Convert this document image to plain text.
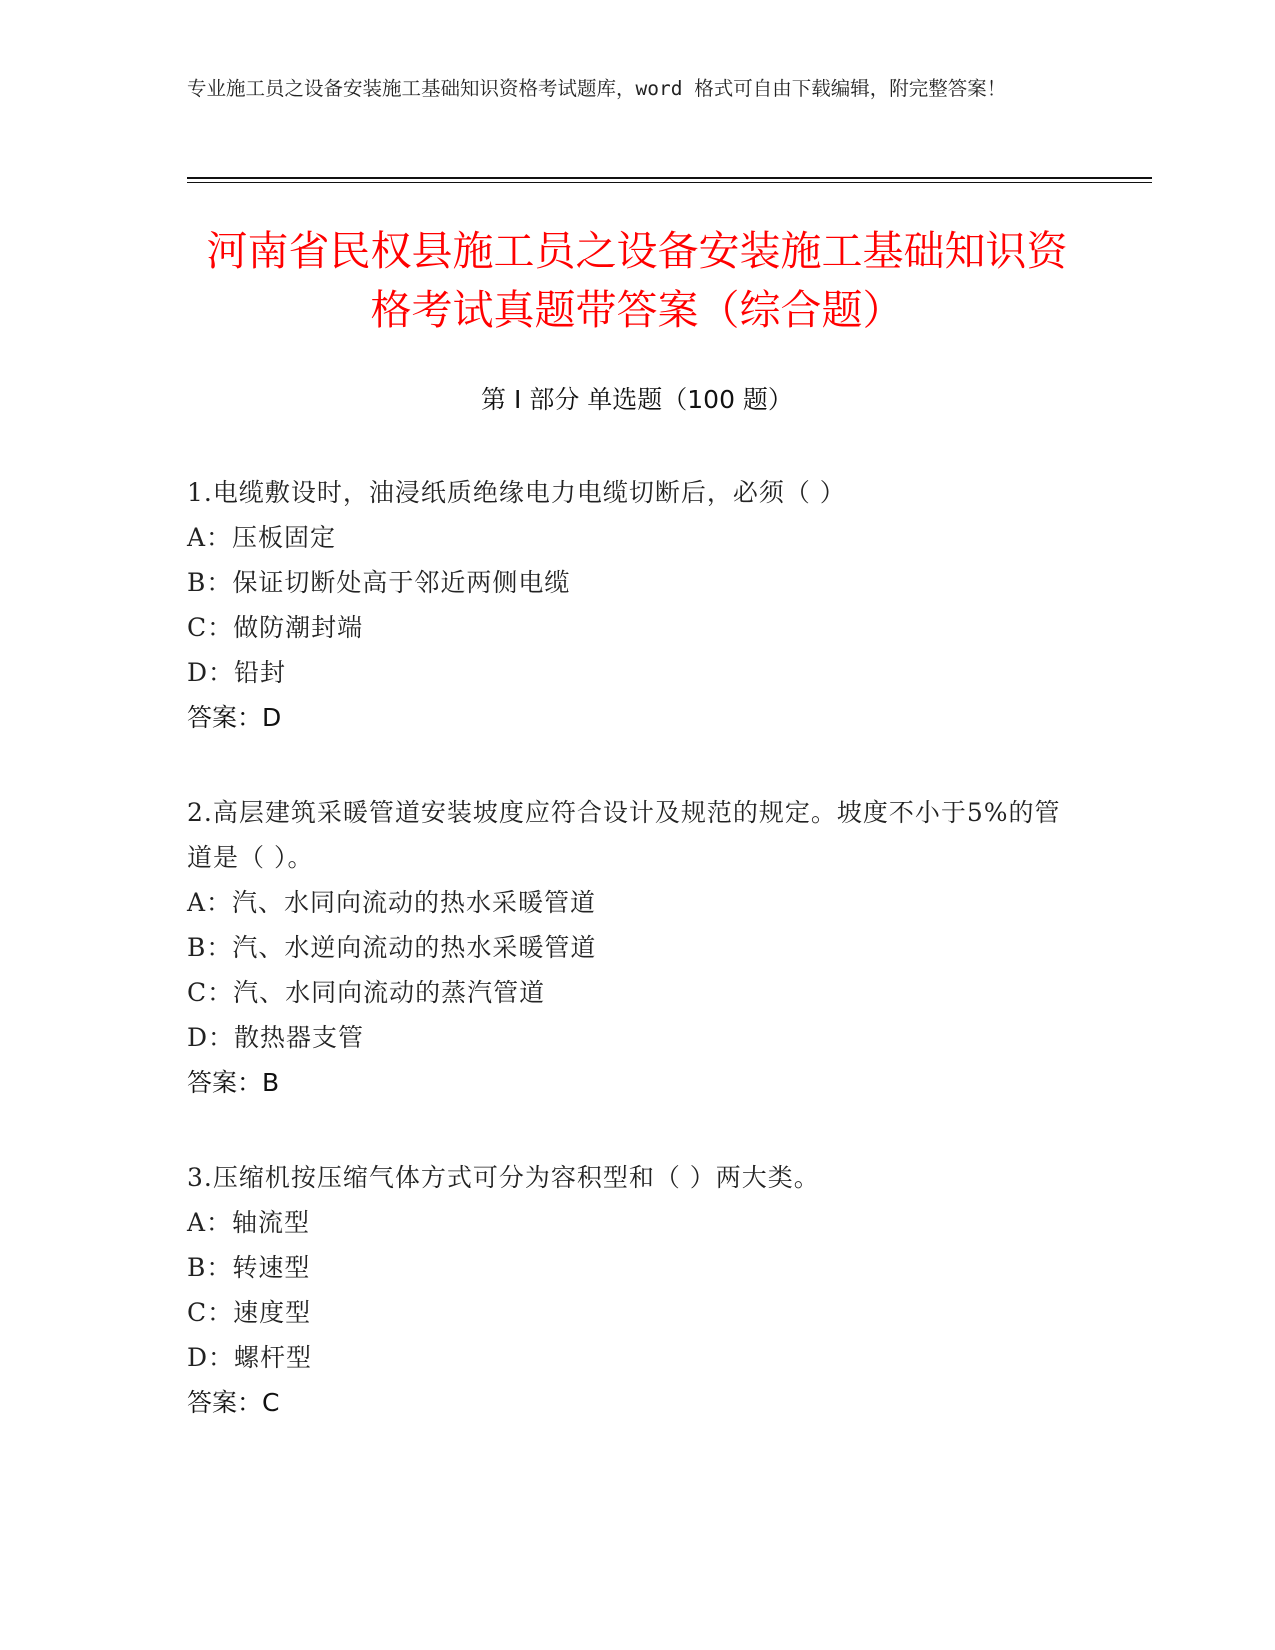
专业施工员之设备安装施工基础知识资格考试题库，word 格式可自由下载编辑，附完整答案！
河南省民权县施工员之设备安装施工基础知识资格考试真题带答案（综合题）
第 I 部分 单选题（100 题）
1.电缆敷设时，油浸纸质绝缘电力电缆切断后，必须（ ）
A：压板固定
B：保证切断处高于邻近两侧电缆
C：做防潮封端
D：铅封
答案：D
2.高层建筑采暖管道安装坡度应符合设计及规范的规定。坡度不小于5%的管道是（ ）。
A：汽、水同向流动的热水采暖管道
B：汽、水逆向流动的热水采暖管道
C：汽、水同向流动的蒸汽管道
D：散热器支管
答案：B
3.压缩机按压缩气体方式可分为容积型和（ ）两大类。
A：轴流型
B：转速型
C：速度型
D：螺杆型
答案：C
